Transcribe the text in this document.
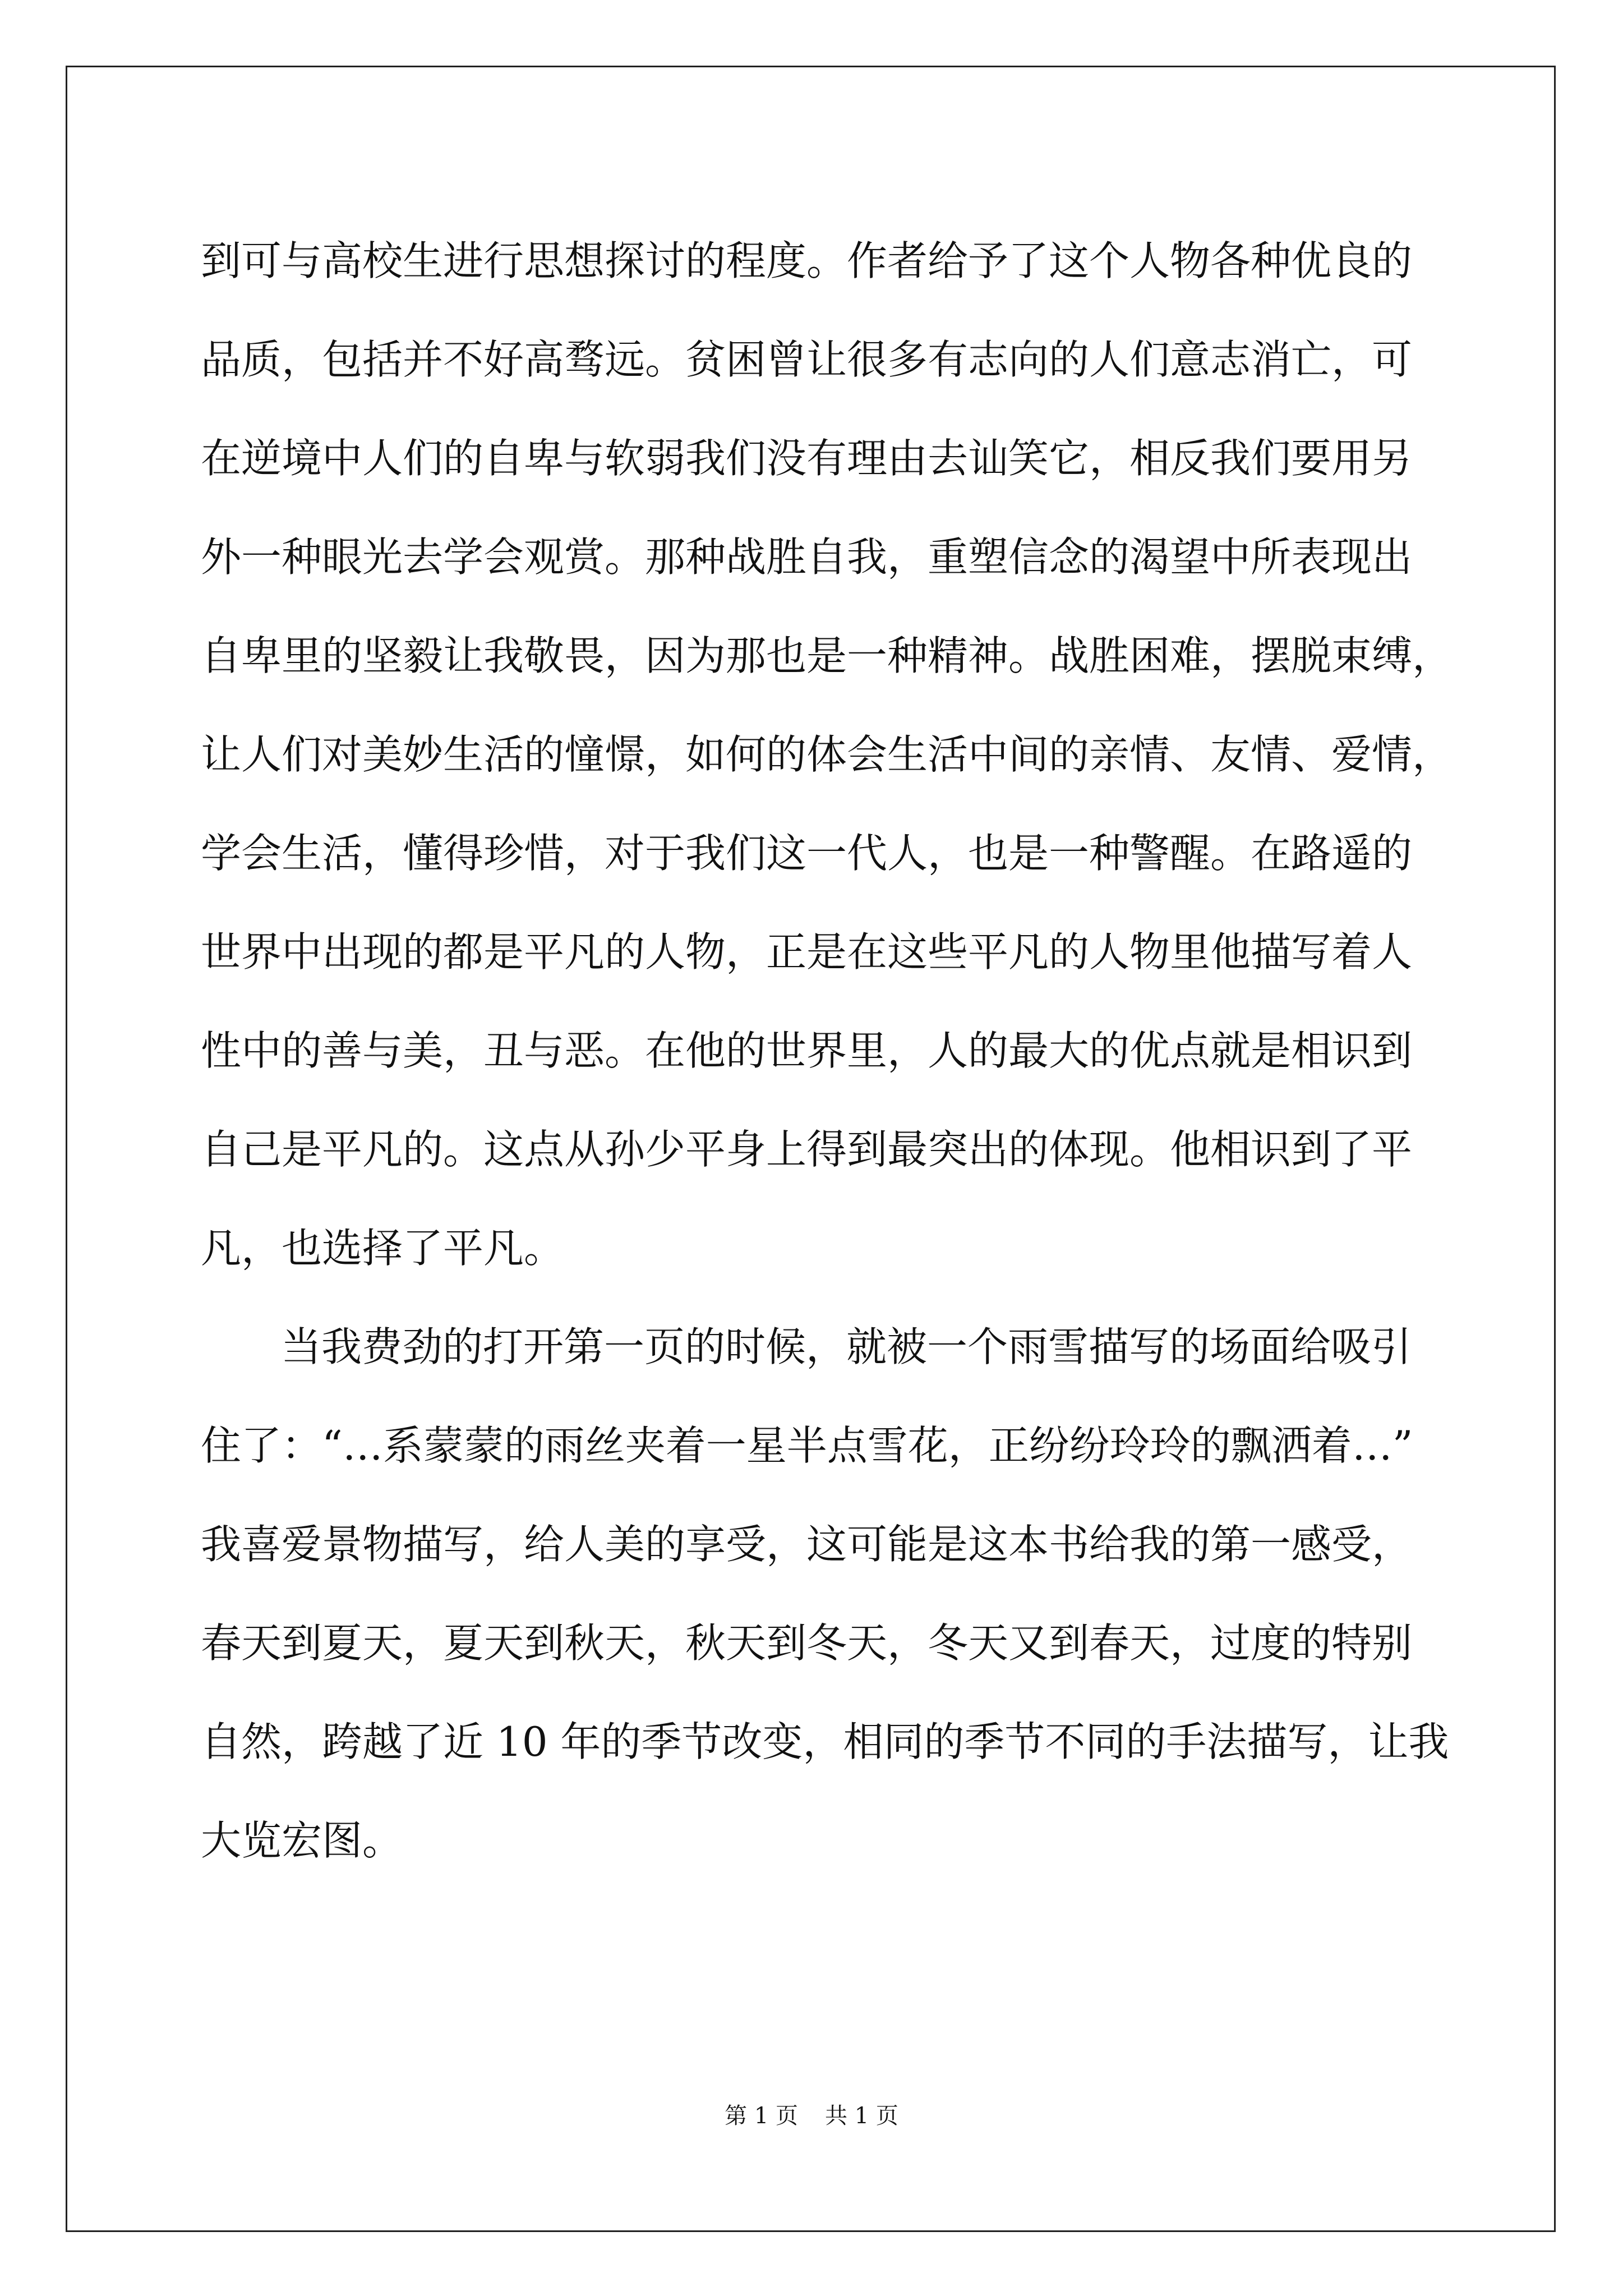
到可与高校生进行思想探讨的程度。作者给予了这个人物各种优良的
品质，包括并不好高骛远。贫困曾让很多有志向的人们意志消亡，可
在逆境中人们的自卑与软弱我们没有理由去讪笑它，相反我们要用另
外一种眼光去学会观赏。那种战胜自我，重塑信念的渴望中所表现出
自卑里的坚毅让我敬畏，因为那也是一种精神。战胜困难，摆脱束缚，
让人们对美妙生活的憧憬，如何的体会生活中间的亲情、友情、爱情，
学会生活，懂得珍惜，对于我们这一代人，也是一种警醒。在路遥的
世界中出现的都是平凡的人物，正是在这些平凡的人物里他描写着人
性中的善与美，丑与恶。在他的世界里，人的最大的优点就是相识到
自己是平凡的。这点从孙少平身上得到最突出的体现。他相识到了平
凡，也选择了平凡。
当我费劲的打开第一页的时候，就被一个雨雪描写的场面给吸引
住了：“…系蒙蒙的雨丝夹着一星半点雪花，正纷纷玲玲的飘洒着…”
我喜爱景物描写，给人美的享受，这可能是这本书给我的第一感受，
春天到夏天，夏天到秋天，秋天到冬天，冬天又到春天，过度的特别
自然，跨越了近 10 年的季节改变，相同的季节不同的手法描写，让我
大览宏图。
第 1 页 共 1 页
